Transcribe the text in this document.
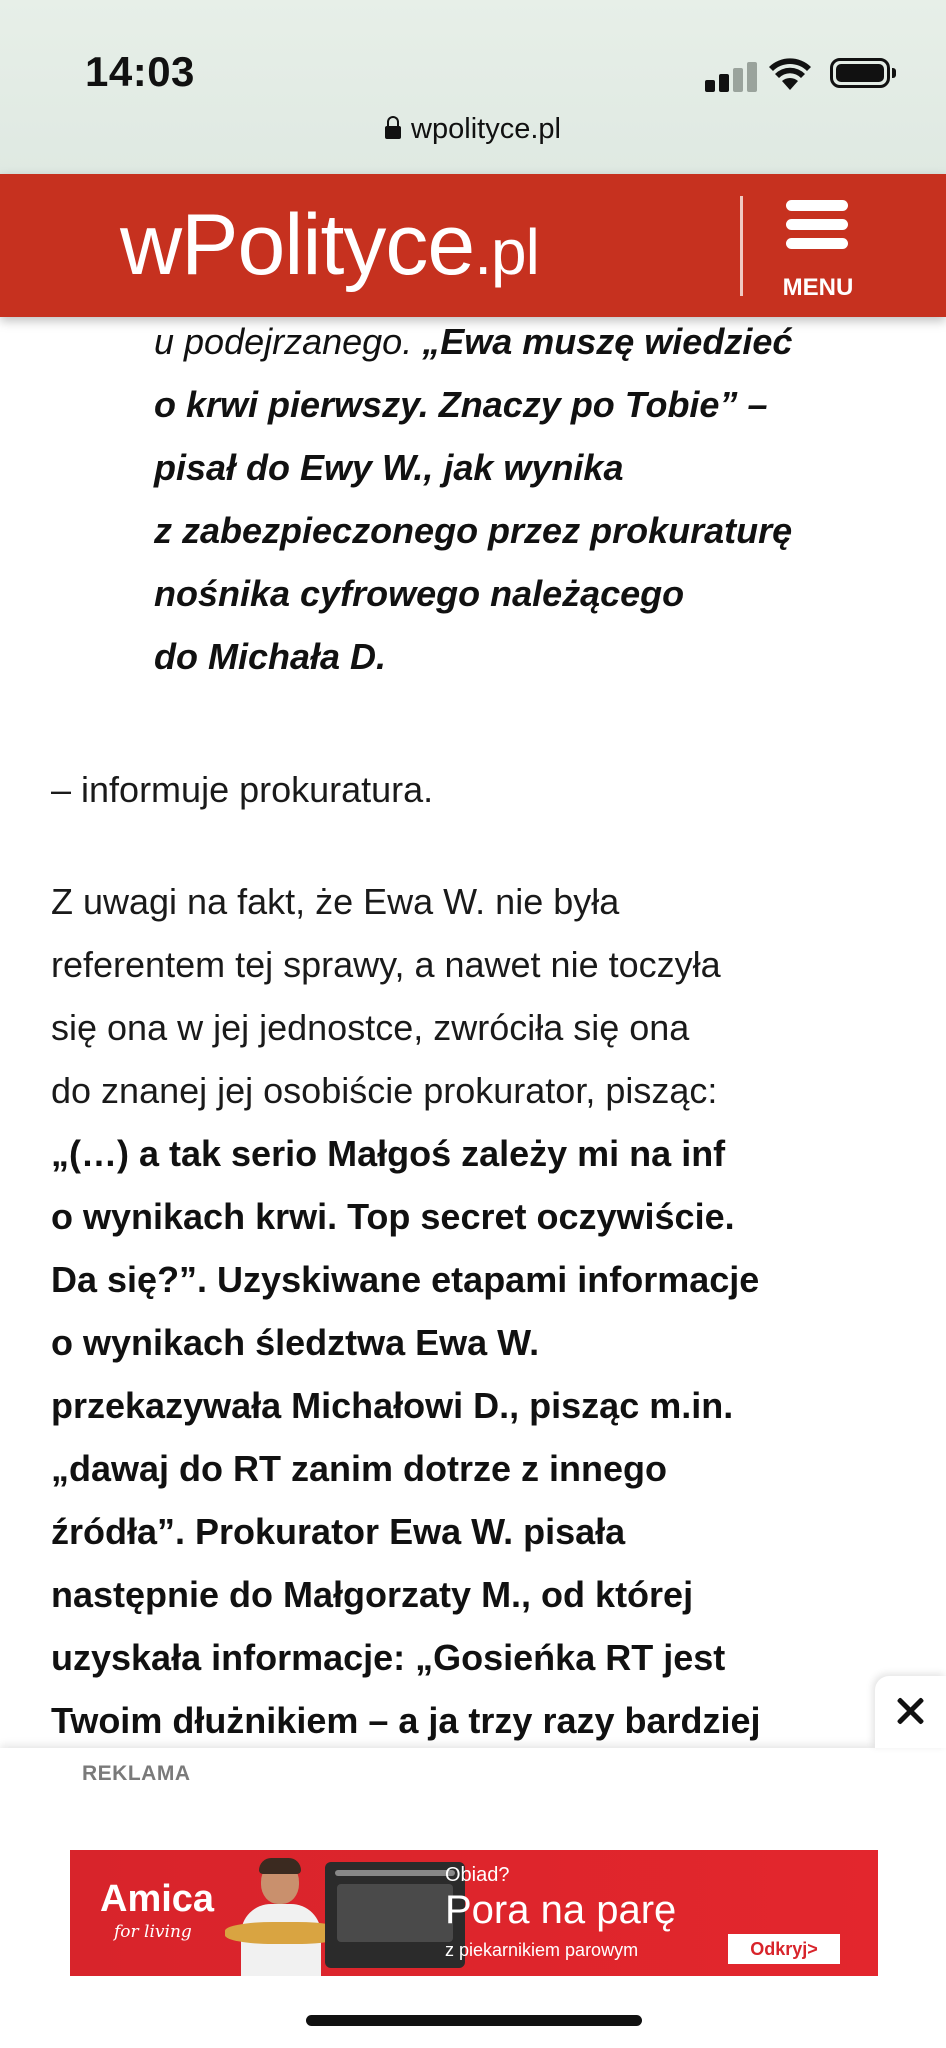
14:03
wpolityce.pl
wPolityce.pl	MENU
u podejrzanego. „Ewa muszę wiedzieć
o krwi pierwszy. Znaczy po Tobie” –
pisał do Ewy W., jak wynika
z zabezpieczonego przez prokuraturę
nośnika cyfrowego należącego
do Michała D.
– informuje prokuratura.
Z uwagi na fakt, że Ewa W. nie była
referentem tej sprawy, a nawet nie toczyła
się ona w jej jednostce, zwróciła się ona
do znanej jej osobiście prokurator, pisząc:
„(…) a tak serio Małgoś zależy mi na inf
o wynikach krwi. Top secret oczywiście.
Da się?”. Uzyskiwane etapami informacje
o wynikach śledztwa Ewa W.
przekazywała Michałowi D., pisząc m.in.
„dawaj do RT zanim dotrze z innego
źródła”. Prokurator Ewa W. pisała
następnie do Małgorzaty M., od której
uzyskała informacje: „Gosieńka RT jest
Twoim dłużnikiem – a ja trzy razy bardziej
REKLAMA
Amica
for living
Obiad?
Pora na parę
z piekarnikiem parowym	Odkryj>
